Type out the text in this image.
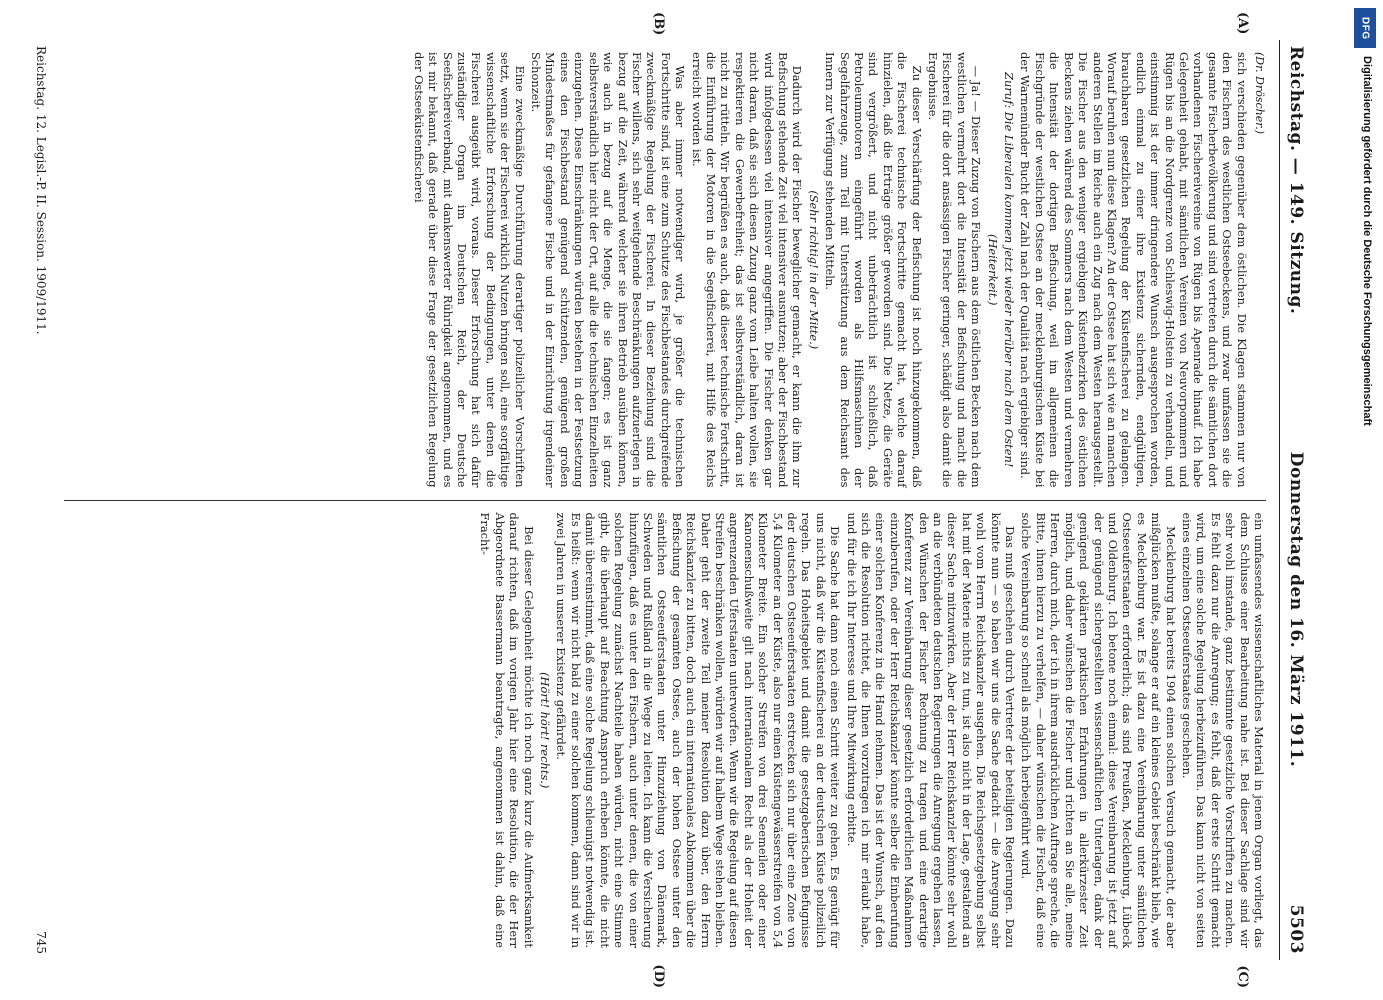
Reichstag. — 149. Sitzung.
Donnerstag den 16. März 1911.
5503
(A)
(B)
(C)
(D)
(Dr. Dröscher.)

sich verschieden gegenüber dem östlichen. Die Klagen stammen nur von den Fischern des westlichen Ostseebeckens, und zwar umfassen sie die gesamte Fischerbevölkerung und sind vertreten durch die sämtlichen dort vorhandenen Fischereivereine von Rügen bis Apenrade hinauf. Ich habe Gelegenheit gehabt, mit sämtlichen Vereinen von Neuvorpommern und Rügen bis an die Nordgrenze von Schleswig-Holstein zu verhandeln, und einstimmig ist der immer dringendere Wunsch ausgesprochen worden, endlich einmal zu einer ihre Existenz sichernden, endgültigen, brauchbaren gesetzlichen Regelung der Küstenfischerei zu gelangen. Worauf beruhen nun diese Klagen? An der Ostsee hat sich wie an manchen anderen Stellen im Reiche auch ein Zug nach dem Westen herausgestellt. Die Fischer aus den weniger ergiebigen Küstenbezirken des östlichen Beckens ziehen während des Sommers nach dem Westen und vermehren die Intensität der dortigen Befischung, weil im allgemeinen die Fischgründe der westlichen Ostsee an der mecklenburgischen Küste bei der Warnemünder Bucht der Zahl nach der Qualität nach ergiebiger sind.

Zuruf: Die Liberalen kommen jetzt wieder herüber nach dem Osten!

(Heiterkeit.)

— Ja! — Dieser Zuzug von Fischern aus dem östlichen Becken nach dem westlichen vermehrt dort die Intensität der Befischung und macht die Fischerei für die dort ansässigen Fischer geringer, schädigt also damit die Ergebnisse.

Zu dieser Verschärfung der Befischung ist noch hinzugekommen, daß die Fischerei technische Fortschritte gemacht hat, welche darauf hinzielen, daß die Erträge größer geworden sind. Die Netze, die Geräte sind vergrößert, und nicht unbeträchtlich ist schließlich, daß Petroleummotoren eingeführt worden als Hilfsmaschinen der Segelfahrzeuge, zum Teil mit Unterstützung aus dem Reichsamt des Innern zur Verfügung stehenden Mitteln.

(Sehr richtig! in der Mitte.)

Dadurch wird der Fischer beweglicher gemacht, er kann die ihm zur Befischung stehende Zeit viel intensiver ausnutzen; aber der Fischbestand wird infolgedessen viel intensiver angegriffen. Die Fischer denken gar nicht daran, daß sie sich diesen Zuzug ganz vom Leibe halten wollen, sie respektieren die Gewerbefreiheit; das ist selbstverständlich, daran ist nicht zu rütteln. Wir begrüßen es auch, daß dieser technische Fortschritt, die Einführung der Motoren in die Segelfischerei, mit Hilfe des Reichs erreicht worden ist.

Was aber immer notwendiger wird, je größer die technischen Fortschritte sind, ist eine zum Schutze des Fischbestandes durchgreifende zweckmäßige Regelung der Fischerei. In dieser Beziehung sind die Fischer willens, sich sehr weitgehende Beschränkungen aufzuerlegen in bezug auf die Zeit, während welcher sie ihren Betrieb ausüben können, wie auch in bezug auf die Menge, die sie fangen; es ist ganz selbstverständlich hier nicht der Ort, auf alle die technischen Einzelheiten einzugehen. Diese Einschränkungen würden bestehen in der Festsetzung eines den Fischbestand genügend schützenden, genügend großen Mindestmaßes für gefangene Fische und in der Einrichtung irgendeiner Schonzeit.

Eine zweckmäßige Durchführung derartiger polizeilicher Vorschriften setzt, wenn sie der Fischerei wirklich Nutzen bringen soll, eine sorgfältige wissenschaftliche Erforschung der Bedingungen, unter denen die Fischerei ausgeübt wird, voraus. Dieser Erforschung hat sich dafür zuständiger Organ im Deutschen Reich, der Deutsche Seefischereiverband, mit dankenswerter Rührigkeit angenommen, und es ist mir bekannt, daß gerade über diese Frage der gesetzlichen Regelung der Ostseeküstenfischerei

ein umfassendes wissenschaftliches Material in jenem Organ vorliegt, das dem Schlusse einer Bearbeitung nahe ist. Bei dieser Sachlage sind wir sehr wohl imstande, ganz bestimmte gesetzliche Vorschriften zu machen. Es fehlt dazu nur die Anregung; es fehlt, daß der erste Schritt gemacht wird, um eine solche Regelung herbeizuführen. Das kann nicht von seiten eines einzelnen Ostseeuferstaates geschehen.

Mecklenburg hat bereits 1904 einen solchen Versuch gemacht, der aber mißglücken mußte, solange er auf ein kleines Gebiet beschränkt blieb, wie es Mecklenburg war. Es ist dazu eine Vereinbarung unter sämtlichen Ostseeuferstaaten erforderlich; das sind Preußen, Mecklenburg, Lübeck und Oldenburg. Ich betone noch einmal: diese Vereinbarung ist jetzt auf der genügend sichergestellten wissenschaftlichen Unterlagen, dank der genügend geklärten praktischen Erfahrungen in allerkürzester Zeit möglich, und daher wünschen die Fischer und richten an Sie alle, meine Herren, durch mich, der ich in ihrem ausdrücklichen Auftrage spreche, die Bitte, ihnen hierzu zu verhelfen, — daher wünschen die Fischer, daß eine solche Vereinbarung so schnell als möglich herbeigeführt wird.

Das muß geschehen durch Vertreter der beteiligten Regierungen. Dazu könnte nun — so haben wir uns die Sache gedacht — die Anregung sehr wohl vom Herrn Reichskanzler ausgehen. Die Reichsgesetzgebung selbst hat mit der Materie nichts zu tun, ist also nicht in der Lage, gestaltend an dieser Sache mitzuwirken. Aber der Herr Reichskanzler könnte sehr wohl an die verbündeten deutschen Regierungen die Anregung ergehen lassen, den Wünschen der Fischer Rechnung zu tragen und eine derartige Konferenz zur Vereinbarung dieser gesetzlich erforderlichen Maßnahmen einzuberufen, oder der Herr Reichskanzler könnte selber die Einberufung einer solchen Konferenz in die Hand nehmen. Das ist der Wunsch, auf den sich die Resolution richtet, die Ihnen vorzutragen ich mir erlaubt habe, und für die ich Ihr Interesse und Ihre Mitwirkung erbitte.

Die Sache hat dann noch einen Schritt weiter zu gehen. Es genügt für uns nicht, daß wir die Küstenfischerei an der deutschen Küste polizeilich regeln. Das Hoheitsgebiet und damit die gesetzgeberischen Befugnisse der deutschen Ostseeuferstaaten erstrecken sich nur über eine Zone von 5,4 Kilometer an der Küste, also nur einen Küstengewässerstreifen von 5,4 Kilometer Breite. Ein solcher Streifen von drei Seemeilen oder einer Kanonenschußweite gilt nach internationalem Recht als der Hoheit der angrenzenden Uferstaaten unterworfen. Wenn wir die Regelung auf diesen Streifen beschränken wollen, würden wir auf halbem Wege stehen bleiben. Daher geht der zweite Teil meiner Resolution dazu über, den Herrn Reichskanzler zu bitten, doch auch ein internationales Abkommen über die Befischung der gesamten Ostsee, auch der hohen Ostsee unter den sämtlichen Ostseeuferstaaten unter Hinzuziehung von Dänemark, Schweden und Rußland in die Wege zu leiten. Ich kann die Versicherung hinzufügen, daß es unter den Fischern, auch unter denen, die von einer solchen Regelung zunächst Nachteile haben würden, nicht eine Stimme gibt, die überhaupt auf Beachtung Anspruch erheben könnte, die nicht damit übereinstimmt, daß eine solche Regelung schleunigst notwendig ist. Es heißt: wenn wir nicht bald zu einer solchen kommen, dann sind wir in zwei Jahren in unserer Existenz gefährdet.

(Hört! hört! rechts.)

Bei dieser Gelegenheit möchte ich noch ganz kurz die Aufmerksamkeit darauf richten, daß im vorigen Jahr hier eine Resolution, die der Herr Abgeordnete Bassermann beantragte, angenommen ist dahin, daß eine Fracht-

Reichstag. 12. Legisl.-P. II. Session. 1909/1911.
745
DFG
Digitalisierung gefördert durch die Deutsche Forschungsgemeinschaft
